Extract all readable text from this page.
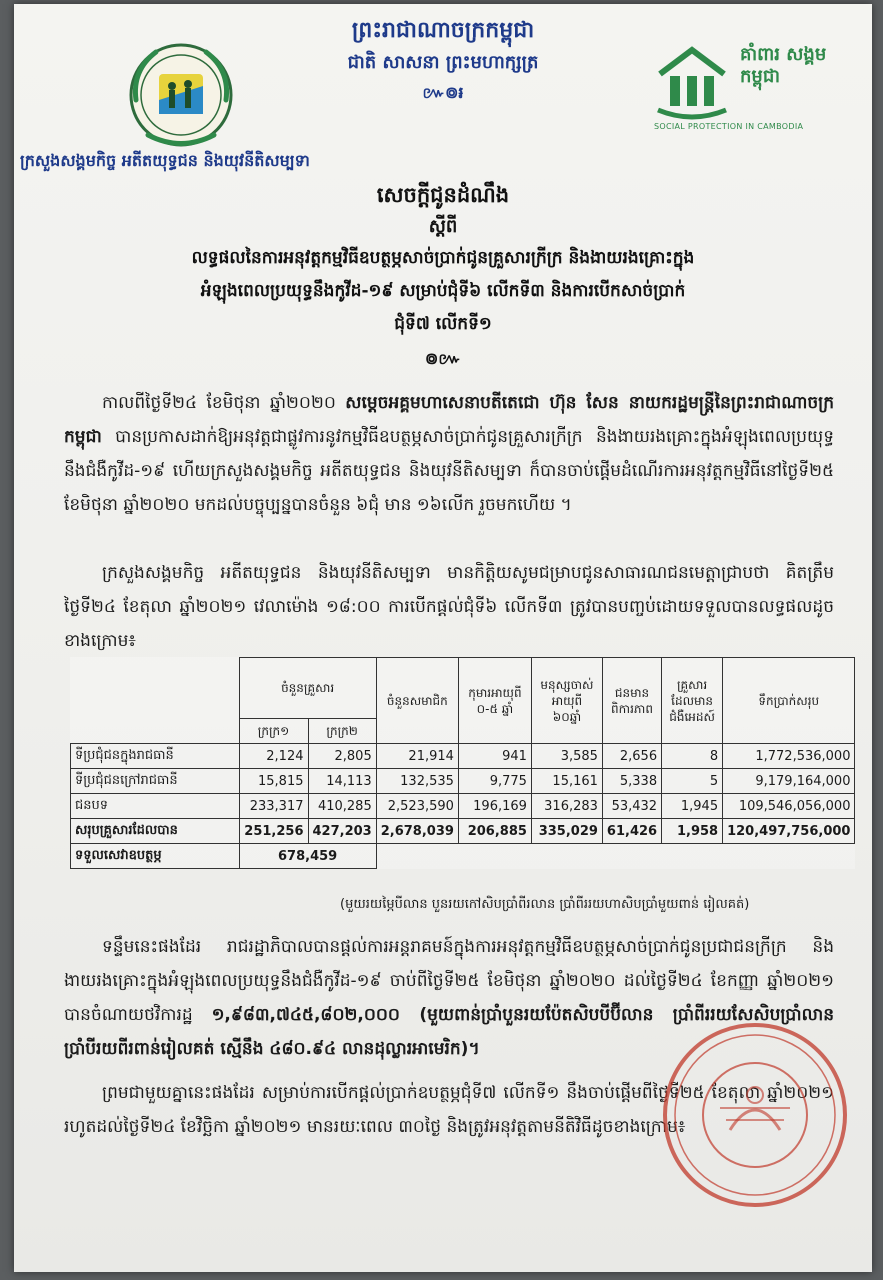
ព្រះរាជាណាចក្រកម្ពុជា
ជាតិ សាសនា ព្រះមហាក្សត្រ
៚៙៛
គាំពារ សង្គម កម្ពុជា
SOCIAL PROTECTION IN CAMBODIA
ក្រសួងសង្គមកិច្ច អតីតយុទ្ធជន និងយុវនីតិសម្បទា
សេចក្តីជូនដំណឹង
ស្តីពី
លទ្ធផលនៃការអនុវត្តកម្មវិធីឧបត្ថម្ភសាច់ប្រាក់ជូនគ្រួសារក្រីក្រ និងងាយរងគ្រោះក្នុង
អំឡុងពេលប្រយុទ្ធនឹងកូវីដ-១៩ សម្រាប់ជុំទី៦ លើកទី៣ និងការបើកសាច់ប្រាក់
ជុំទី៧ លើកទី១
៙៚
កាលពីថ្ងៃទី២៤ ខែមិថុនា ឆ្នាំ២០២០ សម្តេចអគ្គមហាសេនាបតីតេជោ ហ៊ុន សែន នាយករដ្ឋមន្ត្រីនៃព្រះរាជាណាចក្រកម្ពុជា បានប្រកាសដាក់ឱ្យអនុវត្តជាផ្លូវការនូវកម្មវិធីឧបត្ថម្ភសាច់ប្រាក់ជូនគ្រួសារក្រីក្រ និងងាយរងគ្រោះក្នុងអំឡុងពេលប្រយុទ្ធនឹងជំងឺកូវីដ-១៩ ហើយក្រសួងសង្គមកិច្ច អតីតយុទ្ធជន និងយុវនីតិសម្បទា ក៏បានចាប់ផ្តើមដំណើរការអនុវត្តកម្មវិធីនៅថ្ងៃទី២៥ ខែមិថុនា ឆ្នាំ២០២០ មកដល់បច្ចុប្បន្នបានចំនួន ៦ជុំ មាន ១៦លើក រួចមកហើយ ។
ក្រសួងសង្គមកិច្ច អតីតយុទ្ធជន និងយុវនីតិសម្បទា មានកិត្តិយសូមជម្រាបជូនសាធារណជនមេត្តាជ្រាបថា គិតត្រឹមថ្ងៃទី២៤ ខែតុលា ឆ្នាំ២០២១ វេលាម៉ោង ១៨:០០ ការបើកផ្តល់ជុំទី៦ លើកទី៣ ត្រូវបានបញ្ចប់ដោយទទួលបានលទ្ធផលដូចខាងក្រោម៖
	ចំនួនគ្រួសារ		ចំនួនសមាជិក	កុមារអាយុពី ០-៥ ឆ្នាំ	មនុស្សចាស់អាយុពី ៦០ឆ្នាំ	ជនមានពិការភាព	គ្រួសារដែលមានជំងឺអេដស៍	ទឹកប្រាក់សរុប
	ក្រក្រ១	ក្រក្រ២						
ទីប្រជុំជនក្នុងរាជធានី	2,124	2,805	21,914	941	3,585	2,656	8	1,772,536,000
ទីប្រជុំជនក្រៅរាជធានី	15,815	14,113	132,535	9,775	15,161	5,338	5	9,179,164,000
ជនបទ	233,317	410,285	2,523,590	196,169	316,283	53,432	1,945	109,546,056,000
សរុបគ្រួសារដែលបាន	251,256	427,203	2,678,039	206,885	335,029	61,426	1,958	120,497,756,000
ទទួលសេវាឧបត្ថម្ភ	678,459							
(មួយរយម្ភៃបីលាន បួនរយកៅសិបប្រាំពីរលាន ប្រាំពីររយហាសិបប្រាំមួយពាន់ រៀលគត់)
ទន្ទឹមនេះផងដែរ រាជរដ្ឋាភិបាលបានផ្តល់ការអន្តរាគមន៍ក្នុងការអនុវត្តកម្មវិធីឧបត្ថម្ភសាច់ប្រាក់ជូនប្រជាជនក្រីក្រ និងងាយរងគ្រោះក្នុងអំឡុងពេលប្រយុទ្ធនឹងជំងឺកូវីដ-១៩ ចាប់ពីថ្ងៃទី២៥ ខែមិថុនា ឆ្នាំ២០២០ ដល់ថ្ងៃទី២៤ ខែកញ្ញា ឆ្នាំ២០២១ បានចំណាយថវិការដ្ឋ ១,៩៨៣,៧៤៥,៨០២,០០០ (មួយពាន់ប្រាំបួនរយប៉ែតសិបបីប៊ីលាន ប្រាំពីររយសែសិបប្រាំលាន ប្រាំបីរយពីរពាន់រៀលគត់ ស្មើនឹង ៤៨០.៩៤ លានដុល្លារអាមេរិក)។
ព្រមជាមួយគ្នានេះផងដែរ សម្រាប់ការបើកផ្តល់ប្រាក់ឧបត្ថម្ភជុំទី៧ លើកទី១ នឹងចាប់ផ្តើមពីថ្ងៃទី២៥ ខែតុលា ឆ្នាំ២០២១ រហូតដល់ថ្ងៃទី២៤ ខែវិច្ឆិកា ឆ្នាំ២០២១ មានរយៈពេល ៣០ថ្ងៃ និងត្រូវអនុវត្តតាមនីតិវិធីដូចខាងក្រោម៖
